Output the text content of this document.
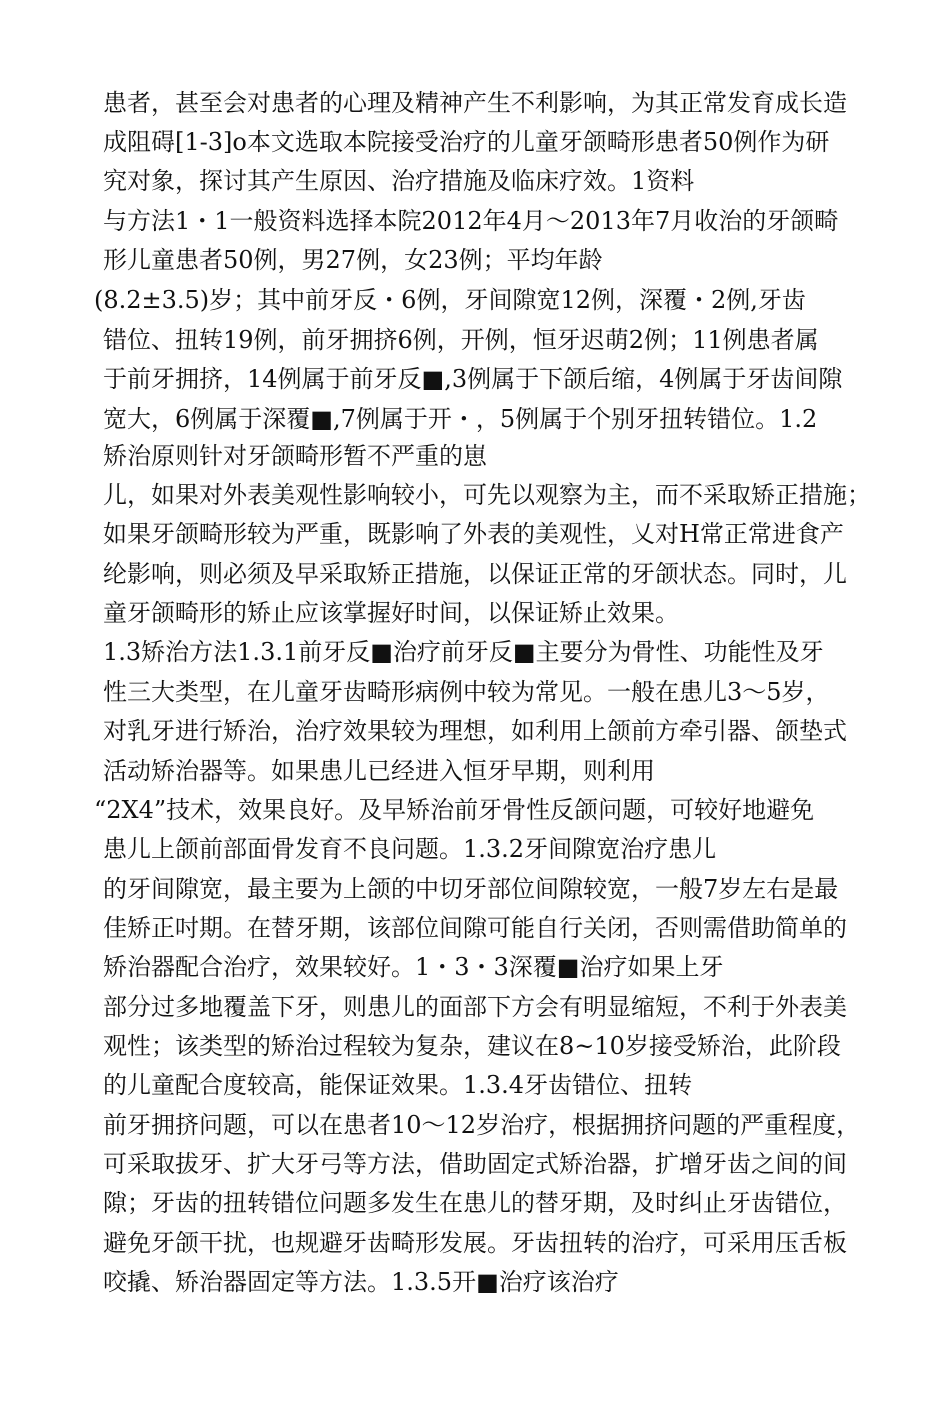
患者，甚至会对患者的心理及精神产生不利影响，为其正常发育成长造
成阻碍[1-3]o本文选取本院接受治疗的儿童牙颌畸形患者50例作为研
究对象，探讨其产生原因、治疗措施及临床疗效。1资料
与方法1・1一般资料选择本院2012年4月〜2013年7月收治的牙颌畸
形儿童患者50例，男27例，女23例；平均年龄
(8.2±3.5)岁；其中前牙反・6例，牙间隙宽12例，深覆・2例,牙齿
错位、扭转19例，前牙拥挤6例，开例，恒牙迟萌2例；11例患者属
于前牙拥挤，14例属于前牙反■,3例属于下颌后缩，4例属于牙齿间隙
宽大，6例属于深覆■,7例属于开・，5例属于个别牙扭转错位。1.2
矫治原则针对牙颌畸形暂不严重的崽
儿，如果对外表美观性影响较小，可先以观察为主，而不采取矫正措施；
如果牙颌畸形较为严重，既影响了外表的美观性，乂对H常正常进食产
纶影响，则必须及早采取矫正措施，以保证正常的牙颌状态。同时，儿
童牙颌畸形的矫止应该掌握好时间，以保证矫止效果。
1.3矫治方法1.3.1前牙反■治疗前牙反■主要分为骨性、功能性及牙
性三大类型，在儿童牙齿畸形病例中较为常见。一般在患儿3〜5岁，
对乳牙进行矫治，治疗效果较为理想，如利用上颌前方牵引器、颌垫式
活动矫治器等。如果患儿已经进入恒牙早期，则利用
“2X4”技术，效果良好。及早矫治前牙骨性反颌问题，可较好地避免
患儿上颌前部面骨发育不良问题。1.3.2牙间隙宽治疗患儿
的牙间隙宽，最主要为上颌的中切牙部位间隙较宽，一般7岁左右是最
佳矫正吋期。在替牙期，该部位间隙可能自行关闭，否则需借助简单的
矫治器配合治疗，效果较好。1・3・3深覆■治疗如果上牙
部分过多地覆盖下牙，则患儿的面部下方会有明显缩短，不利于外表美
观性；该类型的矫治过程较为复杂，建议在8~10岁接受矫治，此阶段
的儿童配合度较高，能保证效果。1.3.4牙齿错位、扭转
前牙拥挤问题，可以在患者10〜12岁治疗，根据拥挤问题的严重程度，
可采取拔牙、扩大牙弓等方法，借助固定式矫治器，扩增牙齿之间的间
隙；牙齿的扭转错位问题多发生在患儿的替牙期，及时纠止牙齿错位，
避免牙颌干扰，也规避牙齿畸形发展。牙齿扭转的治疗，可采用压舌板
咬撬、矫治器固定等方法。1.3.5开■治疗该治疗
